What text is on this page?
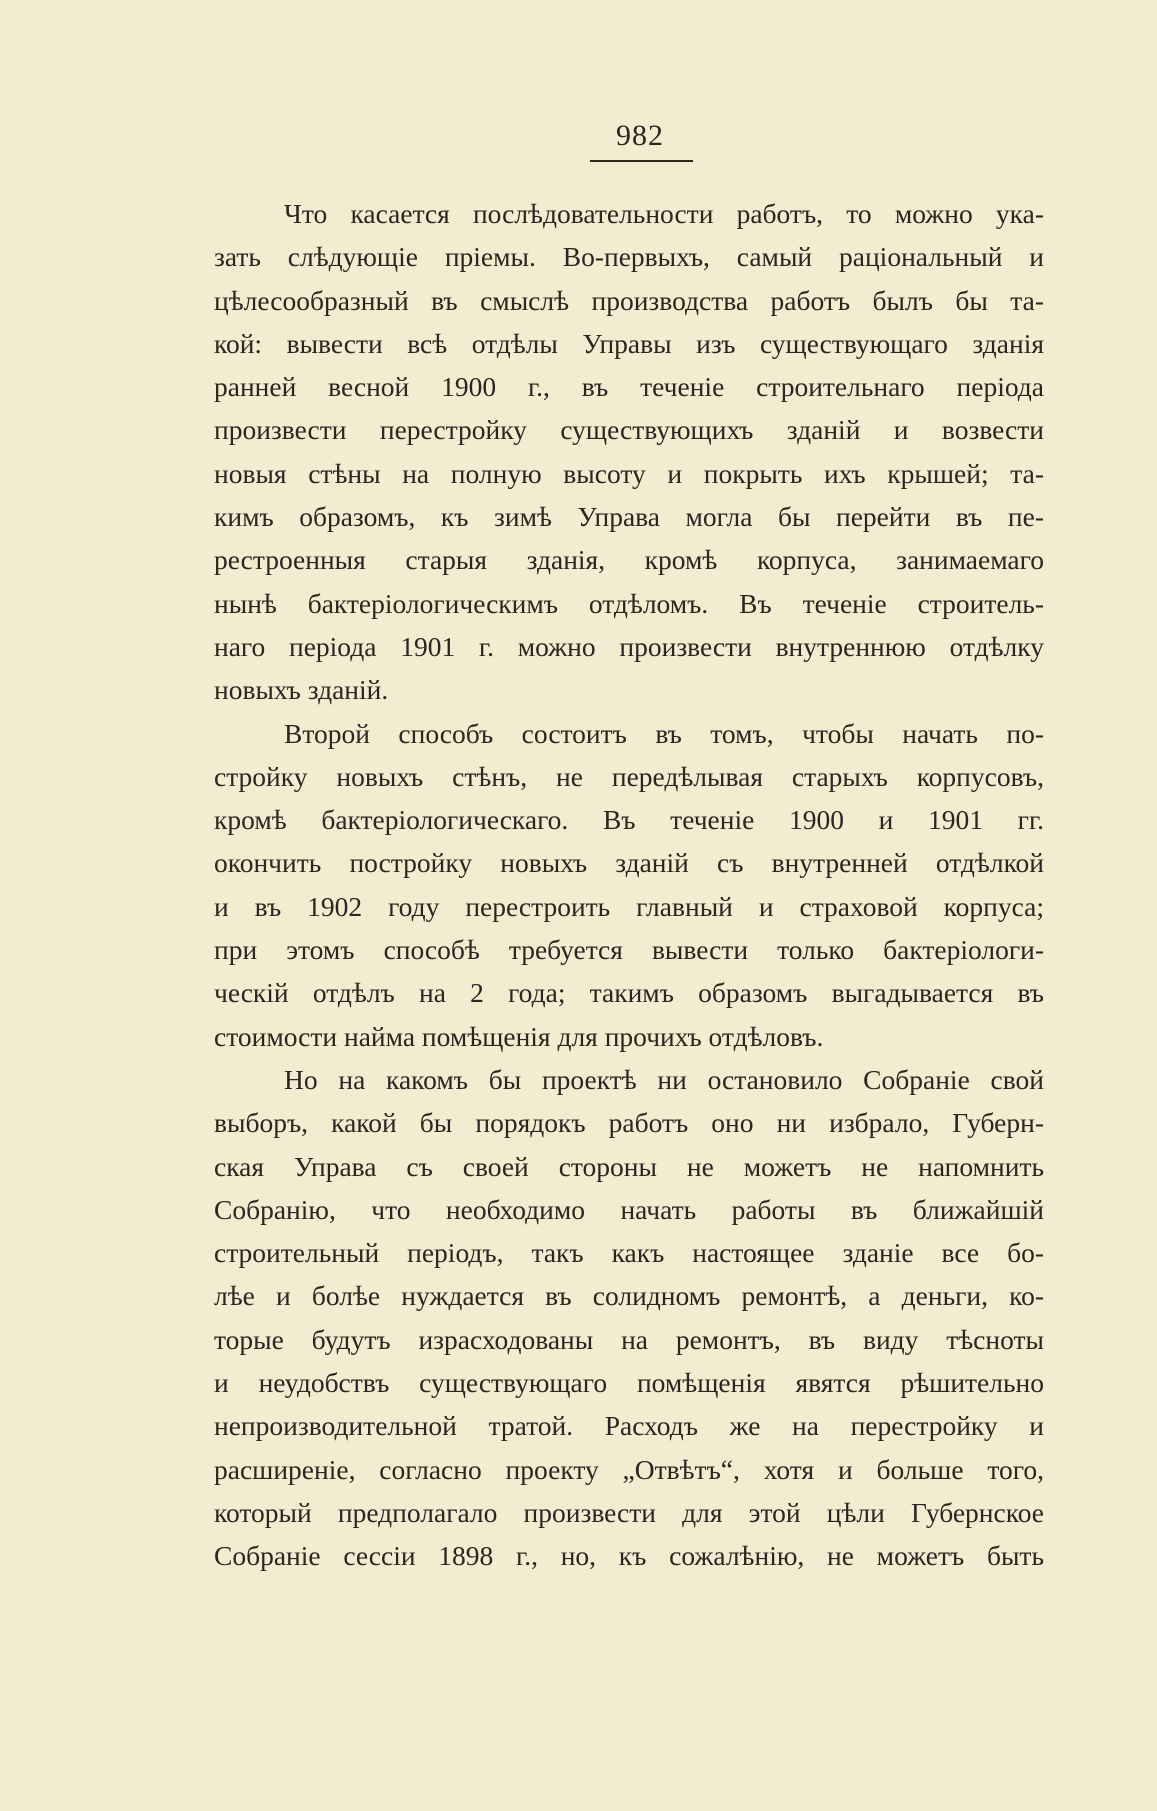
982
Что касается послѣдовательности работъ, то можно ука-
зать слѣдующіе пріемы. Во-первыхъ, самый раціональный и
цѣлесообразный въ смыслѣ производства работъ былъ бы та-
кой: вывести всѣ отдѣлы Управы изъ существующаго зданія
ранней весной 1900 г., въ теченіе строительнаго періода
произвести перестройку существующихъ зданій и возвести
новыя стѣны на полную высоту и покрыть ихъ крышей; та-
кимъ образомъ, къ зимѣ Управа могла бы перейти въ пе-
рестроенныя старыя зданія, кромѣ корпуса, занимаемаго
нынѣ бактеріологическимъ отдѣломъ. Въ теченіе строитель-
наго періода 1901 г. можно произвести внутреннюю отдѣлку
новыхъ зданій.
Второй способъ состоитъ въ томъ, чтобы начать по-
стройку новыхъ стѣнъ, не передѣлывая старыхъ корпусовъ,
кромѣ бактеріологическаго. Въ теченіе 1900 и 1901 гг.
окончить постройку новыхъ зданій съ внутренней отдѣлкой
и въ 1902 году перестроить главный и страховой корпуса;
при этомъ способѣ требуется вывести только бактеріологи-
ческій отдѣлъ на 2 года; такимъ образомъ выгадывается въ
стоимости найма помѣщенія для прочихъ отдѣловъ.
Но на какомъ бы проектѣ ни остановило Собраніе свой
выборъ, какой бы порядокъ работъ оно ни избрало, Губерн-
ская Управа съ своей стороны не можетъ не напомнить
Собранію, что необходимо начать работы въ ближайшій
строительный періодъ, такъ какъ настоящее зданіе все бо-
лѣе и болѣе нуждается въ солидномъ ремонтѣ, а деньги, ко-
торые будутъ израсходованы на ремонтъ, въ виду тѣсноты
и неудобствъ существующаго помѣщенія явятся рѣшительно
непроизводительной тратой. Расходъ же на перестройку и
расширеніе, согласно проекту „Отвѣтъ“, хотя и больше того,
который предполагало произвести для этой цѣли Губернское
Собраніе сессіи 1898 г., но, къ сожалѣнію, не можетъ быть
